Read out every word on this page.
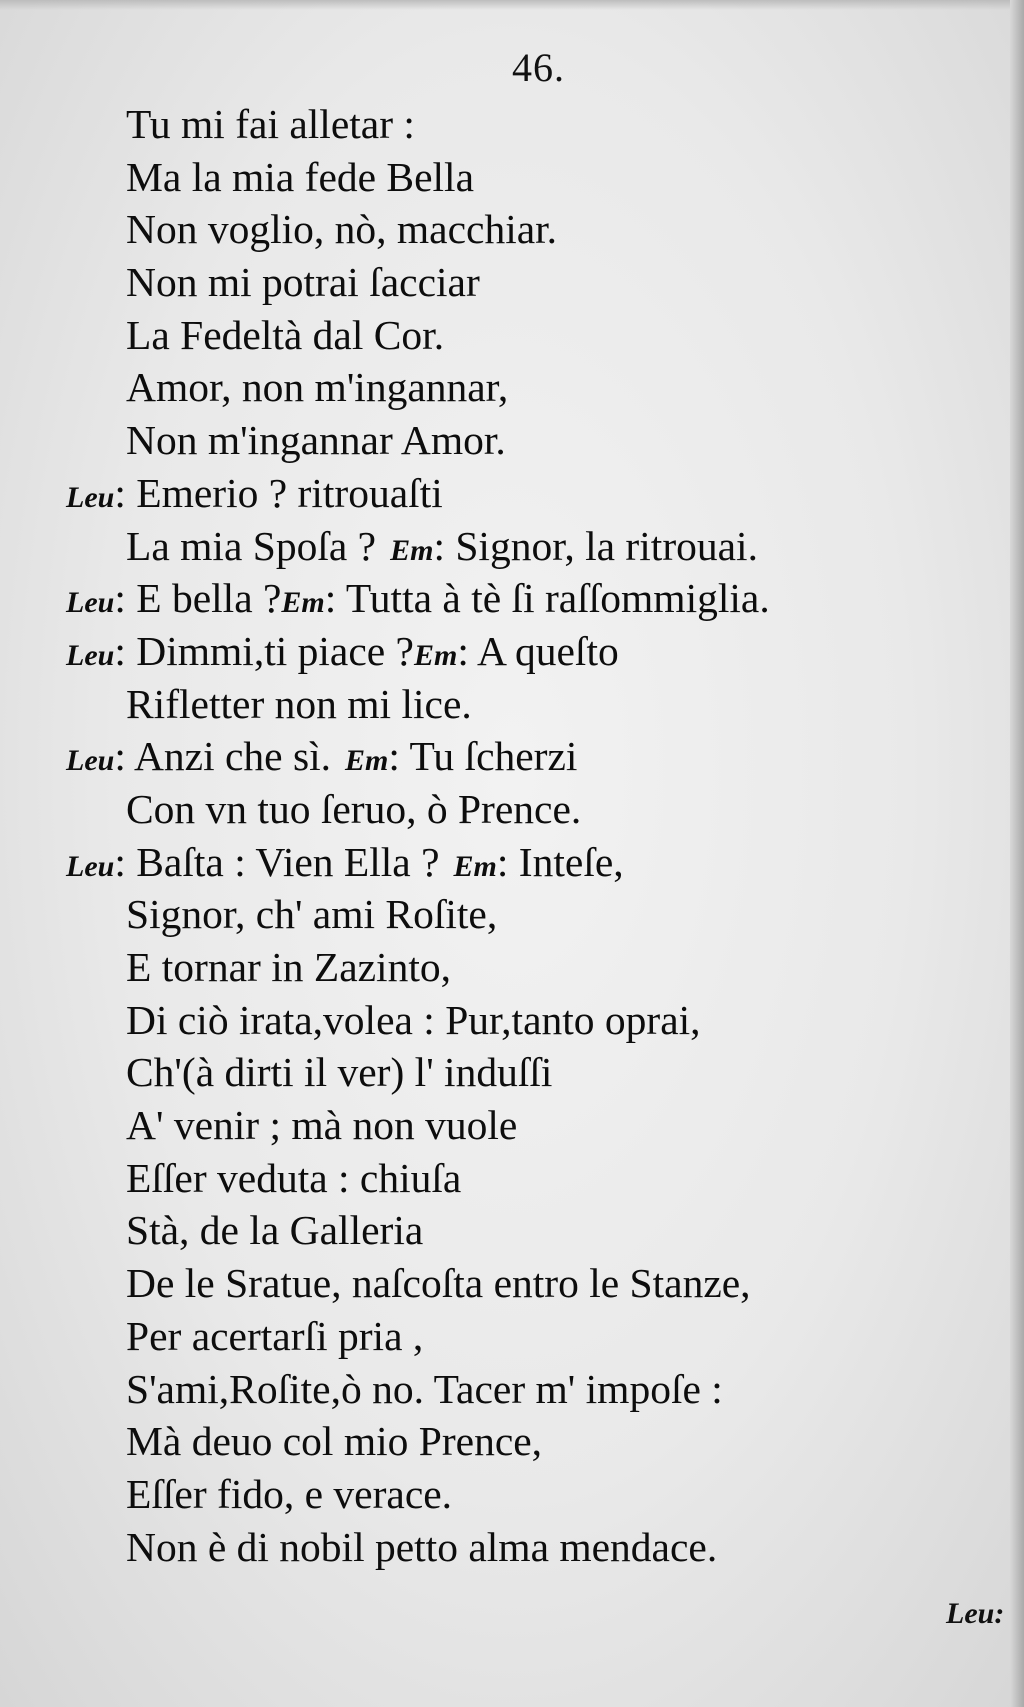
46.
Tu mi fai alletar :
Ma la mia fede Bella
Non voglio, nò, macchiar.
Non mi potrai ſacciar
La Fedeltà dal Cor.
Amor, non m'ingannar,
Non m'ingannar Amor.
Leu: Emerio ? ritrouaſti
La mia Spoſa ? Em: Signor, la ritrouai.
Leu: E bella ?Em: Tutta à tè ſi raſſommiglia.
Leu: Dimmi,ti piace ?Em: A queſto
Rifletter non mi lice.
Leu: Anzi che sì. Em: Tu ſcherzi
Con vn tuo ſeruo, ò Prence.
Leu: Baſta : Vien Ella ? Em: Inteſe,
Signor, ch' ami Roſite,
E tornar in Zazinto,
Di ciò irata,volea : Pur,tanto oprai,
Ch'(à dirti il ver) l' induſſi
A' venir ; mà non vuole
Eſſer veduta : chiuſa
Stà, de la Galleria
De le Sratue, naſcoſta entro le Stanze,
Per acertarſi pria ,
S'ami,Roſite,ò no. Tacer m' impoſe :
Mà deuo col mio Prence,
Eſſer fido, e verace.
Non è di nobil petto alma mendace.
Leu:
